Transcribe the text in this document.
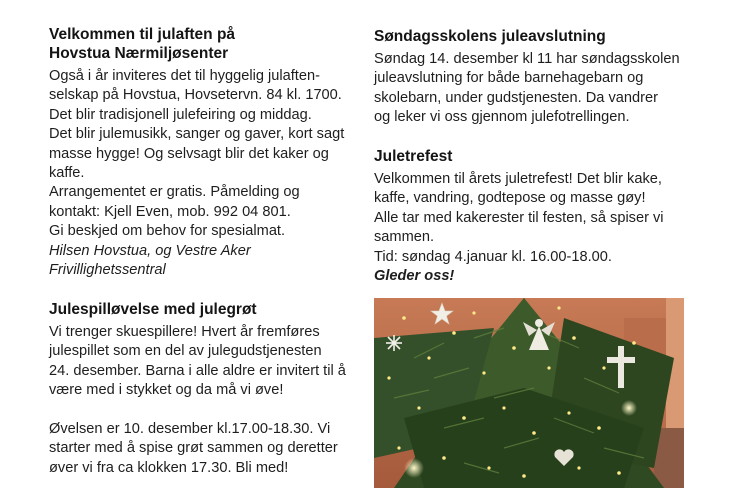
Velkommen til julaften på
Hovstua Nærmiljøsenter

Også i år inviteres det til hyggelig julaften-
selskap på Hovstua, Hovsetervn. 84 kl. 1700.
Det blir tradisjonell julefeiring og middag.
Det blir julemusikk, sanger og gaver, kort sagt
masse hygge! Og selvsagt blir det kaker og
kaffe.
Arrangementet er gratis. Påmelding og
kontakt: Kjell Even, mob. 992 04 801.
Gi beskjed om behov for spesialmat.
Hilsen Hovstua, og Vestre Aker
Frivillighetssentral

Julespilløvelse med julegrøt

Vi trenger skuespillere! Hvert år fremføres
julespillet som en del av julegudstjenesten
24. desember. Barna i alle aldre er invitert til å
være med i stykket og da må vi øve!
Øvelsen er 10. desember kl.17.00-18.30. Vi
starter med å spise grøt sammen og deretter
øver vi fra ca klokken 17.30. Bli med!

Søndagsskolens juleavslutning

Søndag 14. desember kl 11 har søndagsskolen
juleavslutning for både barnehagebarn og
skolebarn, under gudstjenesten. Da vandrer
og leker vi oss gjennom julefotrellingen.

Juletrefest

Velkommen til årets juletrefest! Det blir kake,
kaffe, vandring, godtepose og masse gøy!
Alle tar med kakerester til festen, så spiser vi
sammen.
Tid: søndag 4.januar kl. 16.00-18.00.
Gleder oss!
